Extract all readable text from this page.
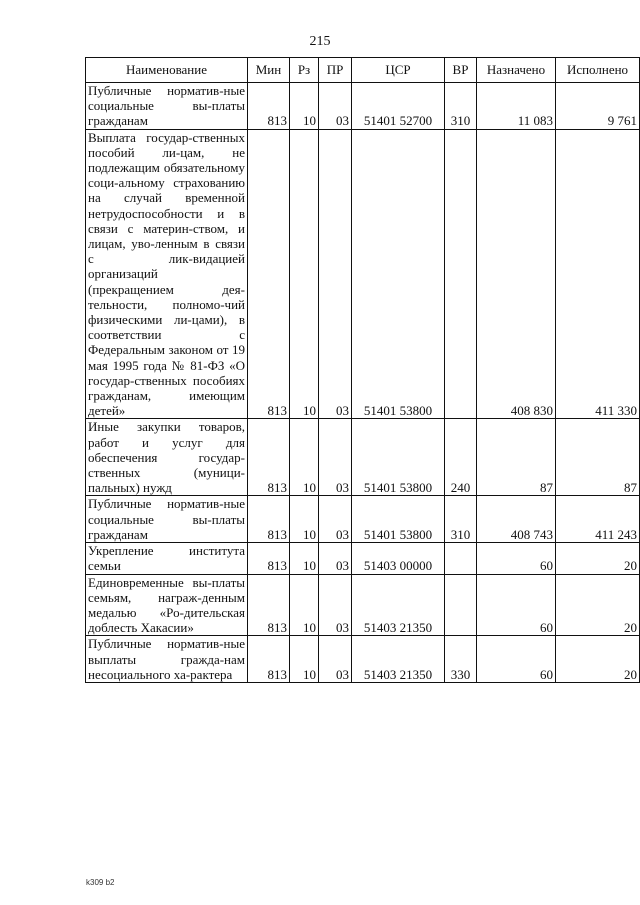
215
Наименование	Мин	Рз	ПР	ЦСР	ВР	Назначено	Исполнено
Публичные норматив-ные социальные вы-платы гражданам	813	10	03	51401 52700	310	11 083	9 761
Выплата государ-ственных пособий ли-цам, не подлежащим обязательному соци-альному страхованию на случай временной нетрудоспособности и в связи с материн-ством, и лицам, уво-ленным в связи с лик-видацией организаций (прекращением дея-тельности, полномо-чий физическими ли-цами), в соответствии с Федеральным законом от 19 мая 1995 года № 81-ФЗ «О государ-ственных пособиях гражданам, имеющим детей»	813	10	03	51401 53800		408 830	411 330
Иные закупки товаров, работ и услуг для обеспечения государ-ственных (муници-пальных) нужд	813	10	03	51401 53800	240	87	87
Публичные норматив-ные социальные вы-платы гражданам	813	10	03	51401 53800	310	408 743	411 243
Укрепление института семьи	813	10	03	51403 00000		60	20
Единовременные вы-платы семьям, награж-денным медалью «Ро-дительская доблесть Хакасии»	813	10	03	51403 21350		60	20
Публичные норматив-ные выплаты гражда-нам несоциального ха-рактера	813	10	03	51403 21350	330	60	20
k309 b2
